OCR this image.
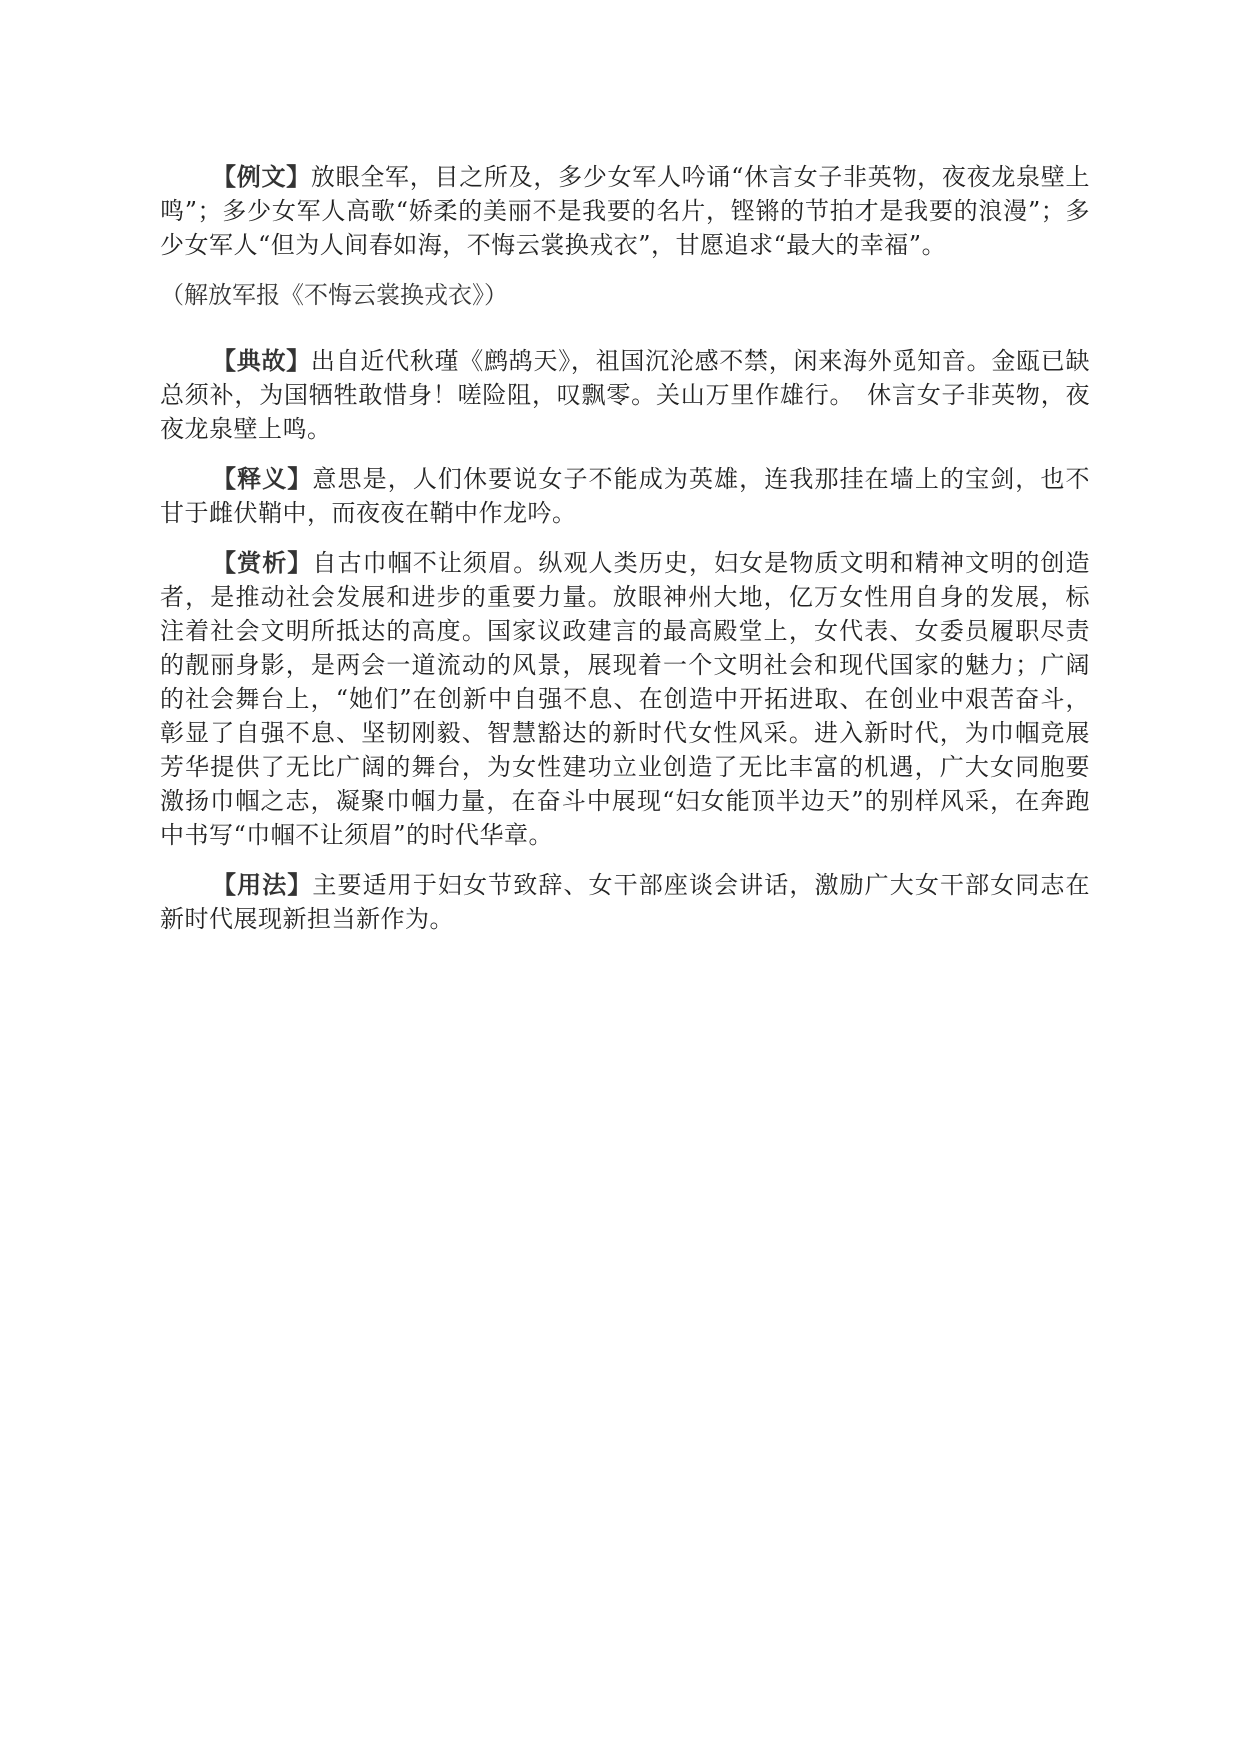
【例文】放眼全军，目之所及，多少女军人吟诵“休言女子非英物，夜夜龙泉壁上鸣”；多少女军人高歌“娇柔的美丽不是我要的名片，铿锵的节拍才是我要的浪漫”；多少女军人“但为人间春如海，不悔云裳换戎衣”，甘愿追求“最大的幸福”。

（解放军报《不悔云裳换戎衣》）

【典故】出自近代秋瑾《鹧鸪天》，祖国沉沦感不禁，闲来海外觅知音。金瓯已缺总须补，为国牺牲敢惜身！嗟险阻，叹飘零。关山万里作雄行。　休言女子非英物，夜夜龙泉壁上鸣。

【释义】意思是，人们休要说女子不能成为英雄，连我那挂在墙上的宝剑，也不甘于雌伏鞘中，而夜夜在鞘中作龙吟。

【赏析】自古巾帼不让须眉。纵观人类历史，妇女是物质文明和精神文明的创造者，是推动社会发展和进步的重要力量。放眼神州大地，亿万女性用自身的发展，标注着社会文明所抵达的高度。国家议政建言的最高殿堂上，女代表、女委员履职尽责的靓丽身影，是两会一道流动的风景，展现着一个文明社会和现代国家的魅力；广阔的社会舞台上，“她们”在创新中自强不息、在创造中开拓进取、在创业中艰苦奋斗，彰显了自强不息、坚韧刚毅、智慧豁达的新时代女性风采。进入新时代，为巾帼竞展芳华提供了无比广阔的舞台，为女性建功立业创造了无比丰富的机遇，广大女同胞要激扬巾帼之志，凝聚巾帼力量，在奋斗中展现“妇女能顶半边天”的别样风采，在奔跑中书写“巾帼不让须眉”的时代华章。

【用法】主要适用于妇女节致辞、女干部座谈会讲话，激励广大女干部女同志在新时代展现新担当新作为。
